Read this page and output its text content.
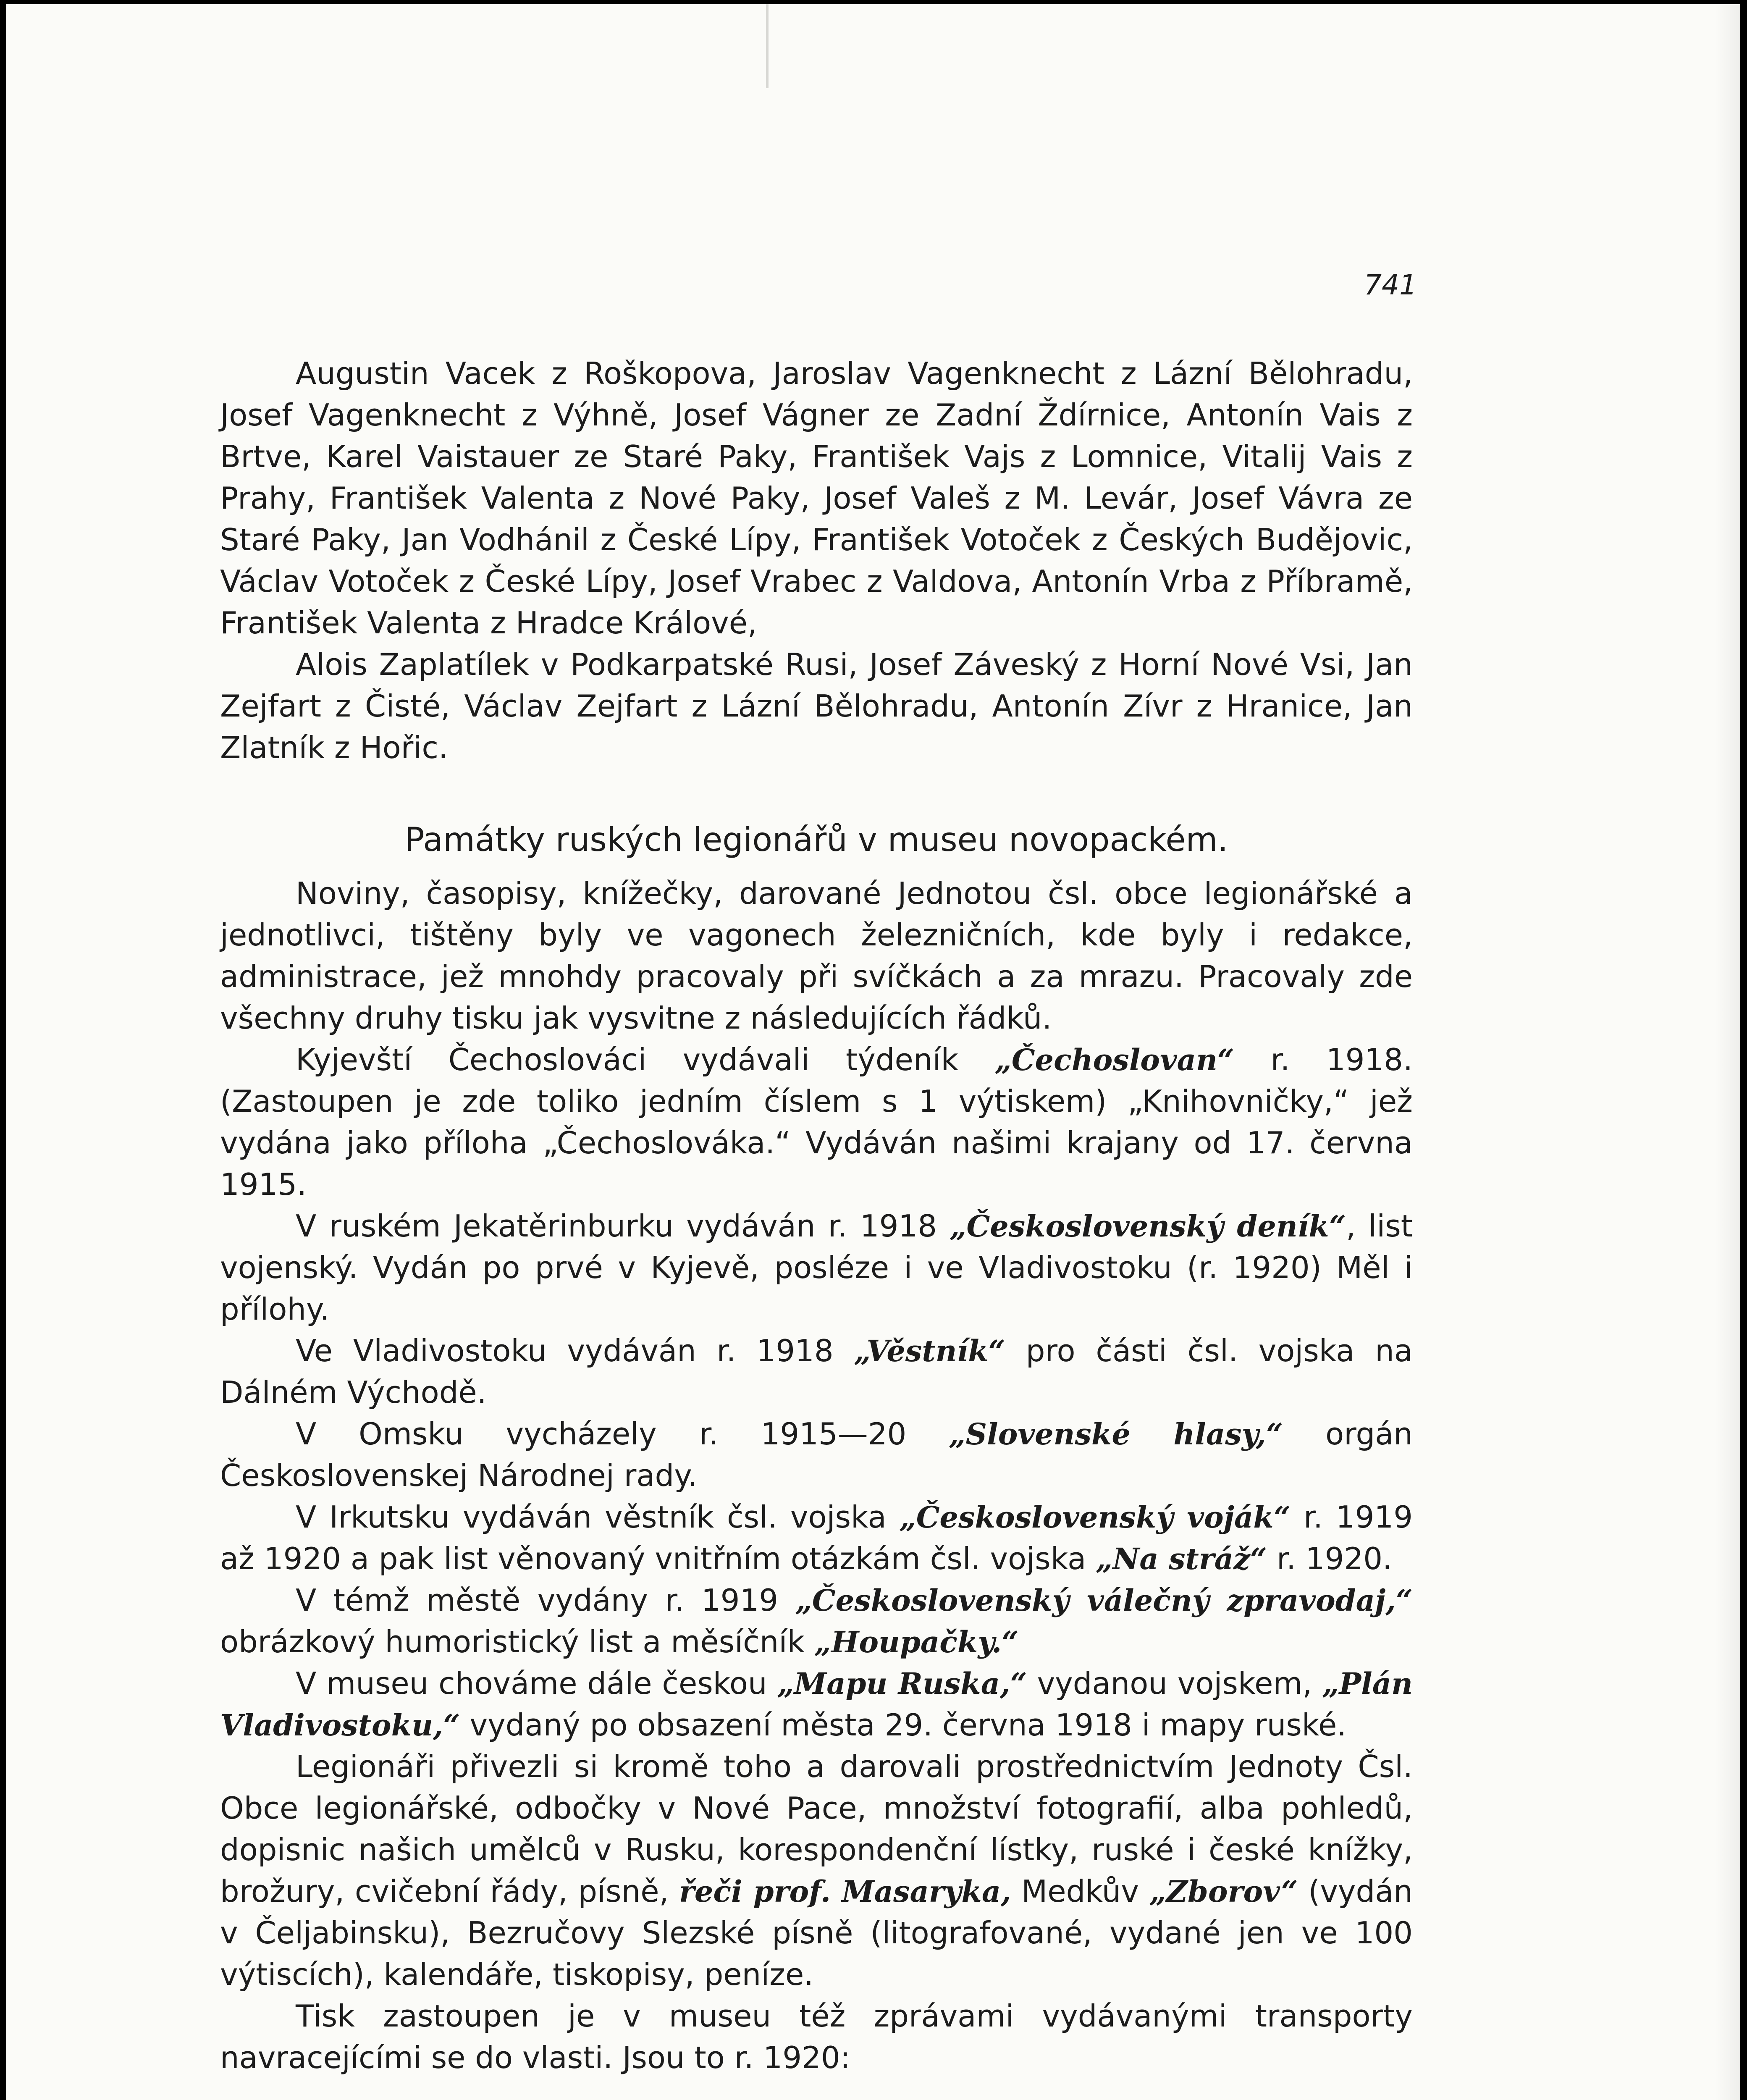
741

Augustin Vacek z Roškopova, Jaroslav Vagenknecht z Lázní Bělohradu, Josef Vagenknecht z Výhně, Josef Vágner ze Zadní Ždírnice, Antonín Vais z Brtve, Karel Vaistauer ze Staré Paky, František Vajs z Lomnice, Vitalij Vais z Prahy, František Valenta z Nové Paky, Josef Valeš z M. Levár, Josef Vávra ze Staré Paky, Jan Vodhánil z České Lípy, František Votoček z Českých Budějovic, Václav Votoček z České Lípy, Josef Vrabec z Valdova, Antonín Vrba z Příbramě, František Valenta z Hradce Králové,

Alois Zaplatílek v Podkarpatské Rusi, Josef Záveský z Horní Nové Vsi, Jan Zejfart z Čisté, Václav Zejfart z Lázní Bělohradu, Antonín Zívr z Hranice, Jan Zlatník z Hořic.

Památky ruských legionářů v museu novopackém.

Noviny, časopisy, knížečky, darované Jednotou čsl. obce legionářské a jednotlivci, tištěny byly ve vagonech železničních, kde byly i redakce, administrace, jež mnohdy pracovaly při svíčkách a za mrazu. Pracovaly zde všechny druhy tisku jak vysvitne z následujících řádků.

Kyjevští Čechoslováci vydávali týdeník „Čechoslovan“ r. 1918. (Zastoupen je zde toliko jedním číslem s 1 výtiskem) „Knihovničky,“ jež vydána jako příloha „Čechoslováka.“ Vydáván našimi krajany od 17. června 1915.

V ruském Jekatěrinburku vydáván r. 1918 „Československý deník“, list vojenský. Vydán po prvé v Kyjevě, posléze i ve Vladivostoku (r. 1920) Měl i přílohy.

Ve Vladivostoku vydáván r. 1918 „Věstník“ pro části čsl. vojska na Dálném Východě.

V Omsku vycházely r. 1915—20 „Slovenské hlasy,“ orgán Československej Národnej rady.

V Irkutsku vydáván věstník čsl. vojska „Československý voják“ r. 1919 až 1920 a pak list věnovaný vnitřním otázkám čsl. vojska „Na stráž“ r. 1920.

V témž městě vydány r. 1919 „Československý válečný zpravodaj,“ obrázkový humoristický list a měsíčník „Houpačky.“

V museu chováme dále českou „Mapu Ruska,“ vydanou vojskem, „Plán Vladivostoku,“ vydaný po obsazení města 29. června 1918 i mapy ruské.

Legionáři přivezli si kromě toho a darovali prostřednictvím Jednoty Čsl. Obce legionářské, odbočky v Nové Pace, množství fotografií, alba pohledů, dopisnic našich umělců v Rusku, korespondenční lístky, ruské i české knížky, brožury, cvičební řády, písně, řeči prof. Masaryka, Medkův „Zborov“ (vydán v Čeljabinsku), Bezručovy Slezské písně (litografované, vydané jen ve 100 výtiscích), kalendáře, tiskopisy, peníze.

Tisk zastoupen je v museu též zprávami vydávanými transporty navracejícími se do vlasti. Jsou to r. 1920:
